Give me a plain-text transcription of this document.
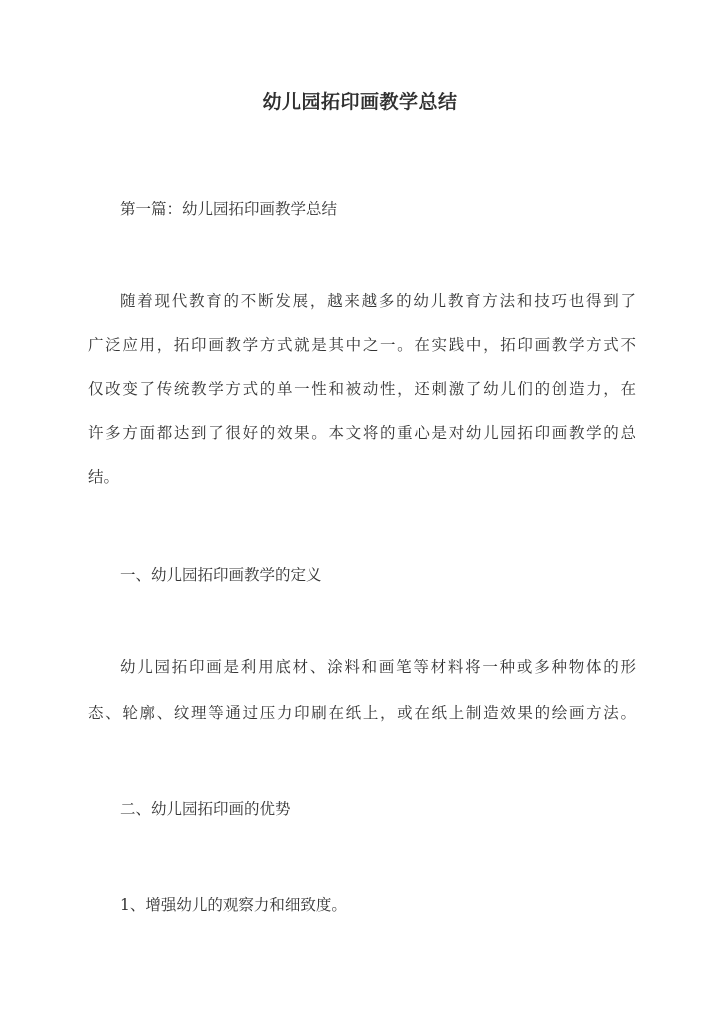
幼儿园拓印画教学总结
第一篇：幼儿园拓印画教学总结
随着现代教育的不断发展，越来越多的幼儿教育方法和技巧也得到了
广泛应用，拓印画教学方式就是其中之一。在实践中，拓印画教学方式不
仅改变了传统教学方式的单一性和被动性，还刺激了幼儿们的创造力，在
许多方面都达到了很好的效果。本文将的重心是对幼儿园拓印画教学的总
结。
一、幼儿园拓印画教学的定义
幼儿园拓印画是利用底材、涂料和画笔等材料将一种或多种物体的形
态、轮廓、纹理等通过压力印刷在纸上，或在纸上制造效果的绘画方法。
二、幼儿园拓印画的优势
1、增强幼儿的观察力和细致度。
